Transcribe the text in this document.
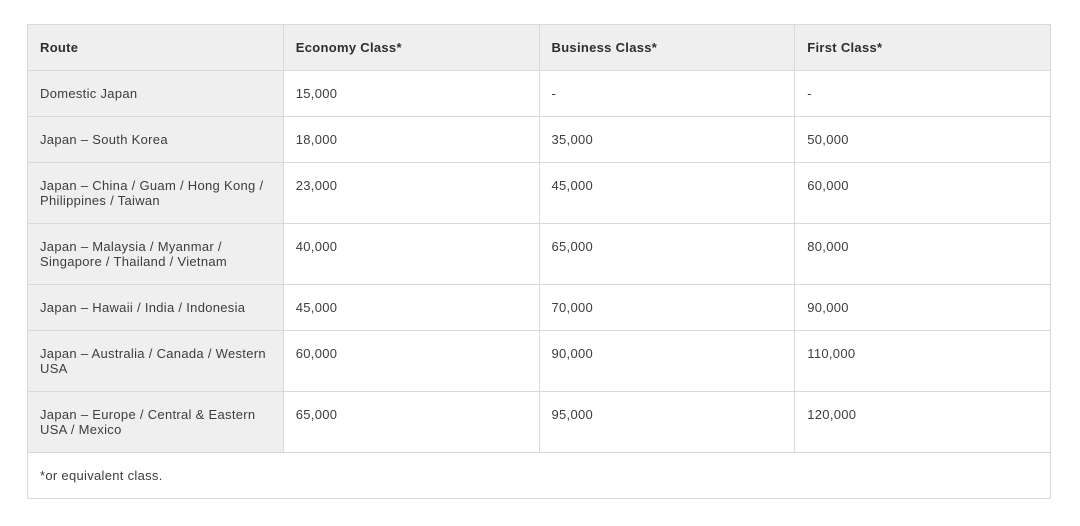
Route	Economy Class*	Business Class*	First Class*
Domestic Japan	15,000	-	-
Japan – South Korea	18,000	35,000	50,000
Japan – China / Guam / Hong Kong / Philippines / Taiwan	23,000	45,000	60,000
Japan – Malaysia / Myanmar / Singapore / Thailand / Vietnam	40,000	65,000	80,000
Japan – Hawaii / India / Indonesia	45,000	70,000	90,000
Japan – Australia / Canada / Western USA	60,000	90,000	110,000
Japan – Europe / Central & Eastern USA / Mexico	65,000	95,000	120,000
*or equivalent class.			
